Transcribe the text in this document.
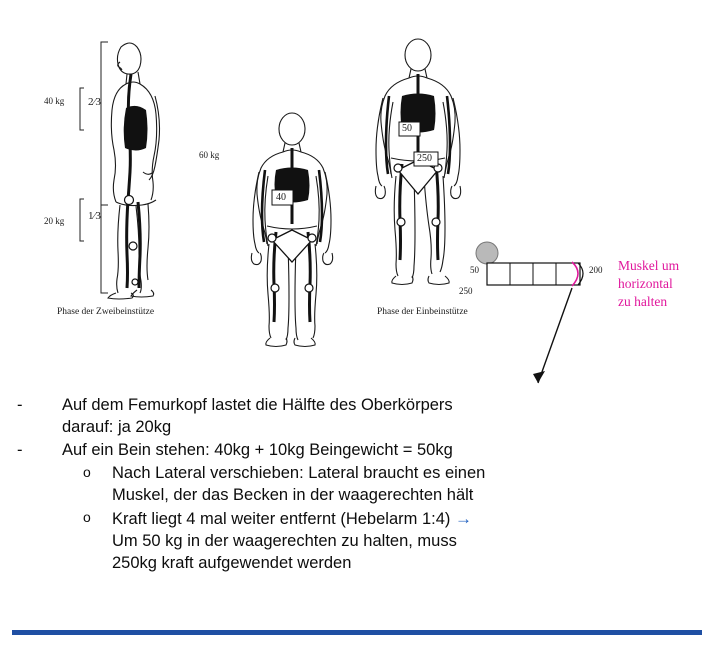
40 kg 2⁄3
60 kg
20 kg 1⁄3
40
50
250
50	200
250
Phase der Zweibeinstütze	Phase der Einbeinstütze
Muskel um
horizontal
zu halten
- Auf dem Femurkopf lastet die Hälfte des Oberkörpers
darauf: ja 20kg
- Auf ein Bein stehen: 40kg + 10kg Beingewicht = 50kg
o Nach Lateral verschieben: Lateral braucht es einen
Muskel, der das Becken in der waagerechten hält
o Kraft liegt 4 mal weiter entfernt (Hebelarm 1:4) →
Um 50 kg in der waagerechten zu halten, muss
250kg kraft aufgewendet werden
